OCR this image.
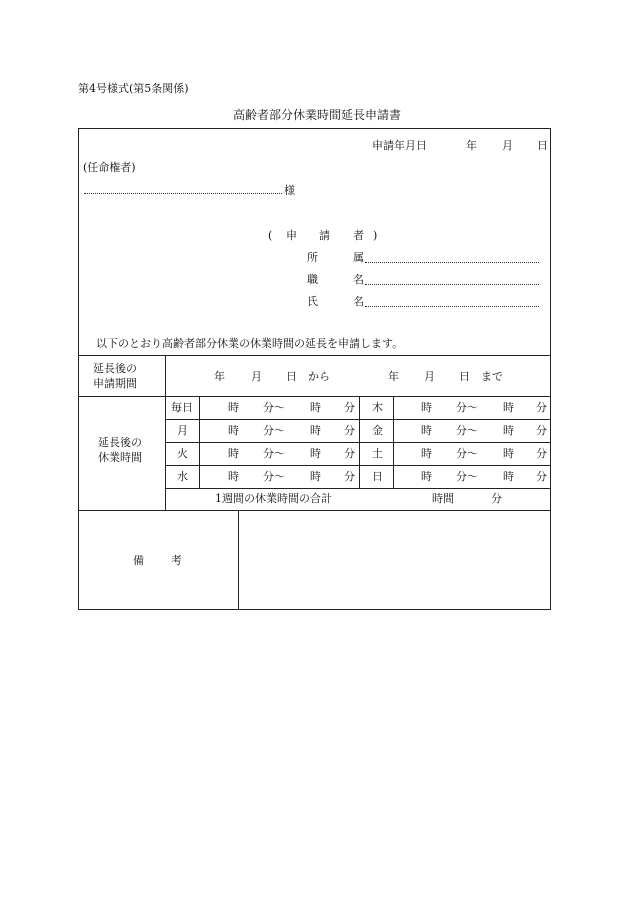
第4号様式(第5条関係)
高齢者部分休業時間延長申請書
申請年月日	年 月 日
(任命権者)
様
( 申 請 者 )
所	属
職	名
氏	名
以下のとおり高齢者部分休業の休業時間の延長を申請します。
延長後の
申請期間
年 月 日　から	年 月 日　まで
延長後の
休業時間
毎日	時 分〜 時 分 木	時 分〜 時 分
月	時 分〜 時 分 金	時 分〜 時 分
火	時 分〜 時 分 土	時 分〜 時 分
水	時 分〜 時 分 日	時 分〜 時 分
1週間の休業時間の合計	時間	分
備 考
